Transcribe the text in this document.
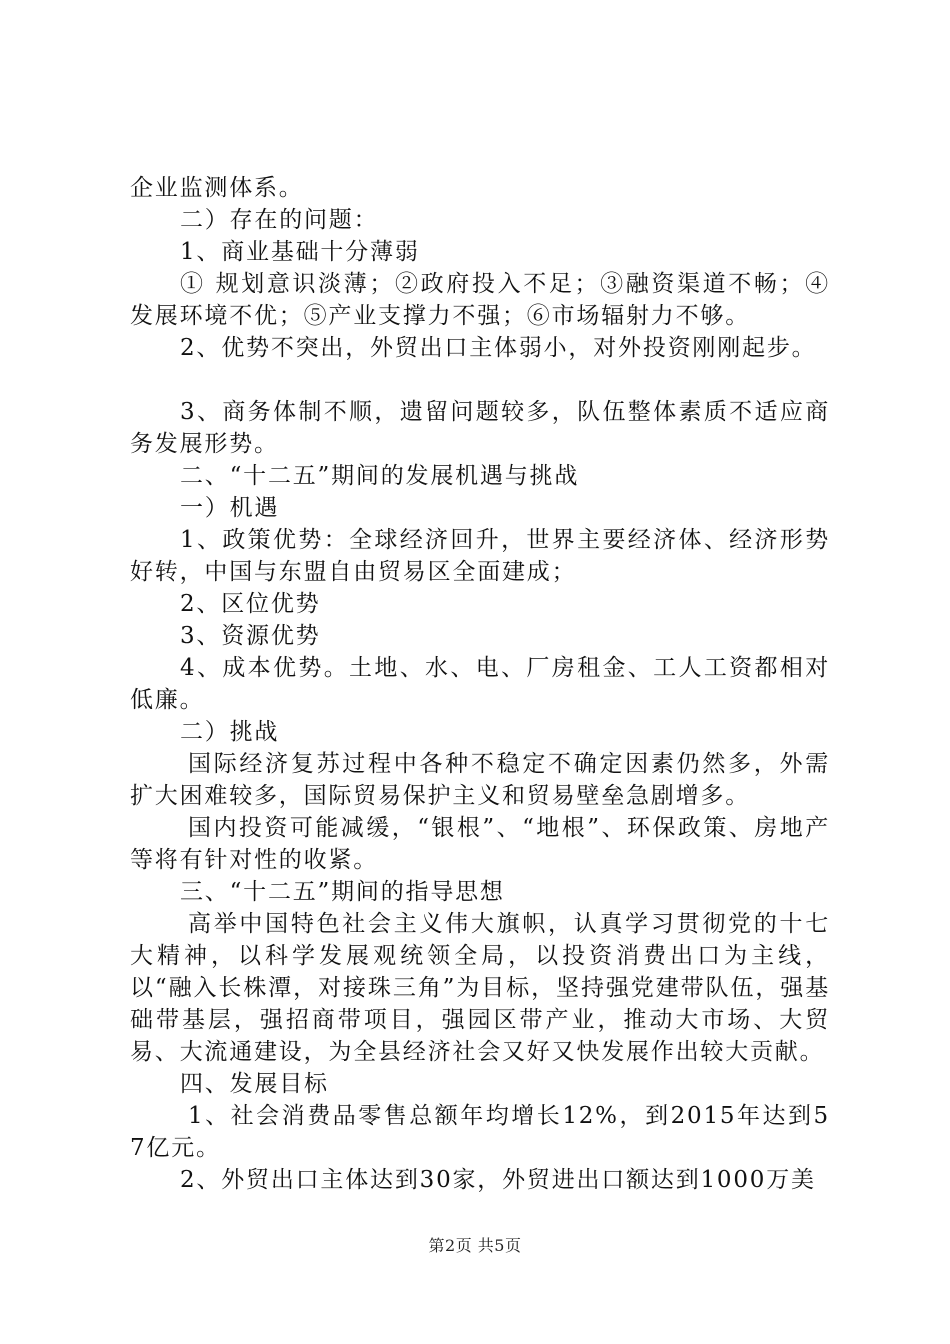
企业监测体系。

二）存在的问题：

1、商业基础十分薄弱

① 规划意识淡薄；②政府投入不足；③融资渠道不畅；④发展环境不优；⑤产业支撑力不强；⑥市场辐射力不够。

2、优势不突出，外贸出口主体弱小，对外投资刚刚起步。

3、商务体制不顺，遗留问题较多，队伍整体素质不适应商务发展形势。

二、“十二五”期间的发展机遇与挑战

一）机遇

1、政策优势：全球经济回升，世界主要经济体、经济形势好转，中国与东盟自由贸易区全面建成；

2、区位优势

3、资源优势

4、成本优势。土地、水、电、厂房租金、工人工资都相对低廉。

二）挑战

国际经济复苏过程中各种不稳定不确定因素仍然多，外需扩大困难较多，国际贸易保护主义和贸易壁垒急剧增多。

国内投资可能减缓，“银根”、“地根”、环保政策、房地产等将有针对性的收紧。

三、“十二五”期间的指导思想

高举中国特色社会主义伟大旗帜，认真学习贯彻党的十七大精神，以科学发展观统领全局，以投资消费出口为主线，以“融入长株潭，对接珠三角”为目标，坚持强党建带队伍，强基础带基层，强招商带项目，强园区带产业，推动大市场、大贸易、大流通建设，为全县经济社会又好又快发展作出较大贡献。

四、发展目标

1、社会消费品零售总额年均增长12%，到2015年达到57亿元。

2、外贸出口主体达到30家，外贸进出口额达到1000万美

第2页 共5页
